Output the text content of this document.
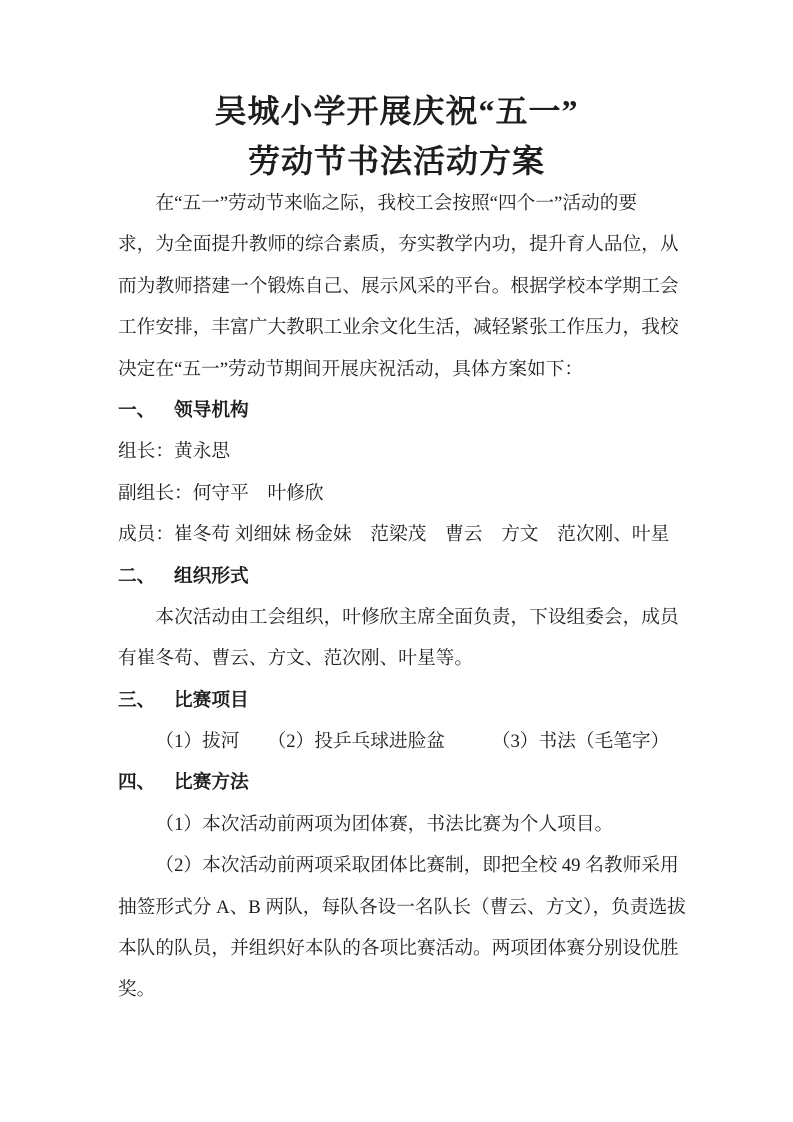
吴城小学开展庆祝“五一”
劳动节书法活动方案
在“五一”劳动节来临之际，我校工会按照“四个一”活动的要
求，为全面提升教师的综合素质，夯实教学内功，提升育人品位，从
而为教师搭建一个锻炼自己、展示风采的平台。根据学校本学期工会
工作安排，丰富广大教职工业余文化生活，减轻紧张工作压力，我校
决定在“五一”劳动节期间开展庆祝活动，具体方案如下：
一、 领导机构
组长：黄永思
副组长：何守平　叶修欣
成员：崔冬苟 刘细妹 杨金妹　范梁茂　曹云　方文　范次刚、叶星
二、 组织形式
本次活动由工会组织，叶修欣主席全面负责，下设组委会，成员
有崔冬苟、曹云、方文、范次刚、叶星等。
三、 比赛项目
（1）拔河　　（2）投乒乓球进脸盆　　　（3）书法（毛笔字）
四、 比赛方法
（1）本次活动前两项为团体赛，书法比赛为个人项目。
（2）本次活动前两项采取团体比赛制，即把全校 49 名教师采用
抽签形式分 A、B 两队，每队各设一名队长（曹云、方文），负责选拔
本队的队员，并组织好本队的各项比赛活动。两项团体赛分别设优胜
奖。
